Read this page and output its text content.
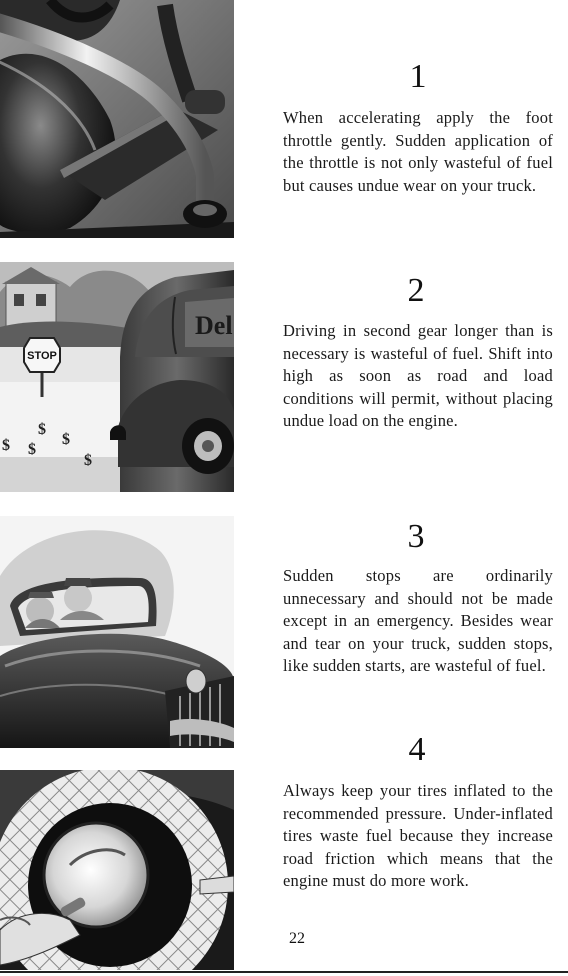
STOP
Del
$
$
$
$
$
1

When accelerating apply the foot throttle gently. Sudden application of the throttle is not only wasteful of fuel but causes undue wear on your truck.

2

Driving in second gear longer than is necessary is wasteful of fuel. Shift into high as soon as road and load conditions will permit, without placing undue load on the engine.

3

Sudden stops are ordinarily unnecessary and should not be made except in an emergency. Besides wear and tear on your truck, sudden stops, like sudden starts, are wasteful of fuel.

4

Always keep your tires inflated to the recommended pressure. Under-inflated tires waste fuel because they increase road friction which means that the engine must do more work.

22
